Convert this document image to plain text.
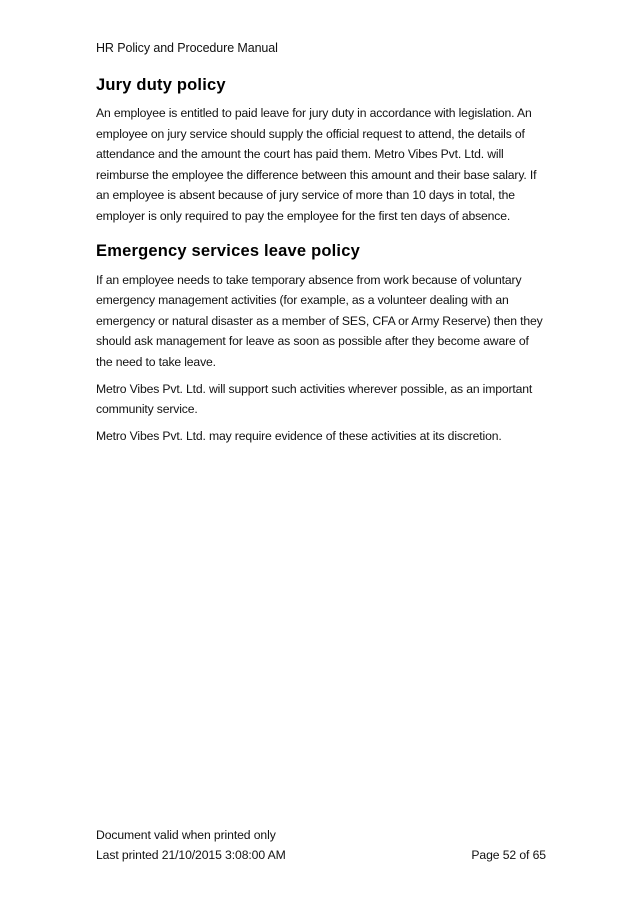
HR Policy and Procedure Manual
Jury duty policy

An employee is entitled to paid leave for jury duty in accordance with legislation. An employee on jury service should supply the official request to attend, the details of attendance and the amount the court has paid them. Metro Vibes Pvt. Ltd. will reimburse the employee the difference between this amount and their base salary. If an employee is absent because of jury service of more than 10 days in total, the employer is only required to pay the employee for the first ten days of absence.

Emergency services leave policy

If an employee needs to take temporary absence from work because of voluntary emergency management activities (for example, as a volunteer dealing with an emergency or natural disaster as a member of SES, CFA or Army Reserve) then they should ask management for leave as soon as possible after they become aware of the need to take leave.

Metro Vibes Pvt. Ltd. will support such activities wherever possible, as an important community service.

Metro Vibes Pvt. Ltd. may require evidence of these activities at its discretion.

Document valid when printed only
Last printed 21/10/2015 3:08:00 AM	Page 52 of 65
